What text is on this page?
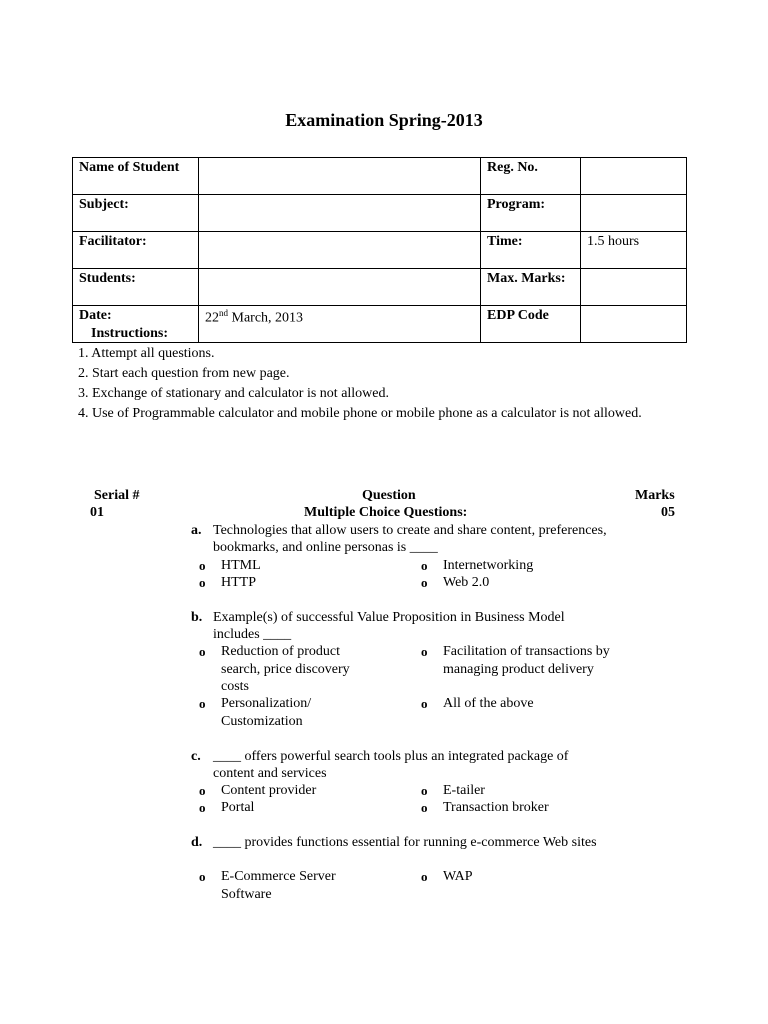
Examination Spring-2013
Name of Student		Reg. No.	
Subject:		Program:	
Facilitator:		Time:	1.5 hours
Students:		Max. Marks:	
Date:	22nd March, 2013	EDP Code	
Instructions:
1. Attempt all questions.
2. Start each question from new page.
3. Exchange of stationary and calculator is not allowed.
4. Use of Programmable calculator and mobile phone or mobile phone as a calculator is not allowed.
Serial #	Question	Marks
01	Multiple Choice Questions:	05
a. Technologies that allow users to create and share content, preferences, bookmarks, and online personas is ____
o HTML	o Internetworking
o HTTP	o Web 2.0
b. Example(s) of successful Value Proposition in Business Model includes ____
o Reduction of product search, price discovery costs
o Facilitation of transactions by managing product delivery
o Personalization/ Customization
o All of the above
c. ____ offers powerful search tools plus an integrated package of content and services
o Content provider	o E-tailer
o Portal	o Transaction broker
d. ____ provides functions essential for running e-commerce Web sites
o E-Commerce Server Software
o WAP
